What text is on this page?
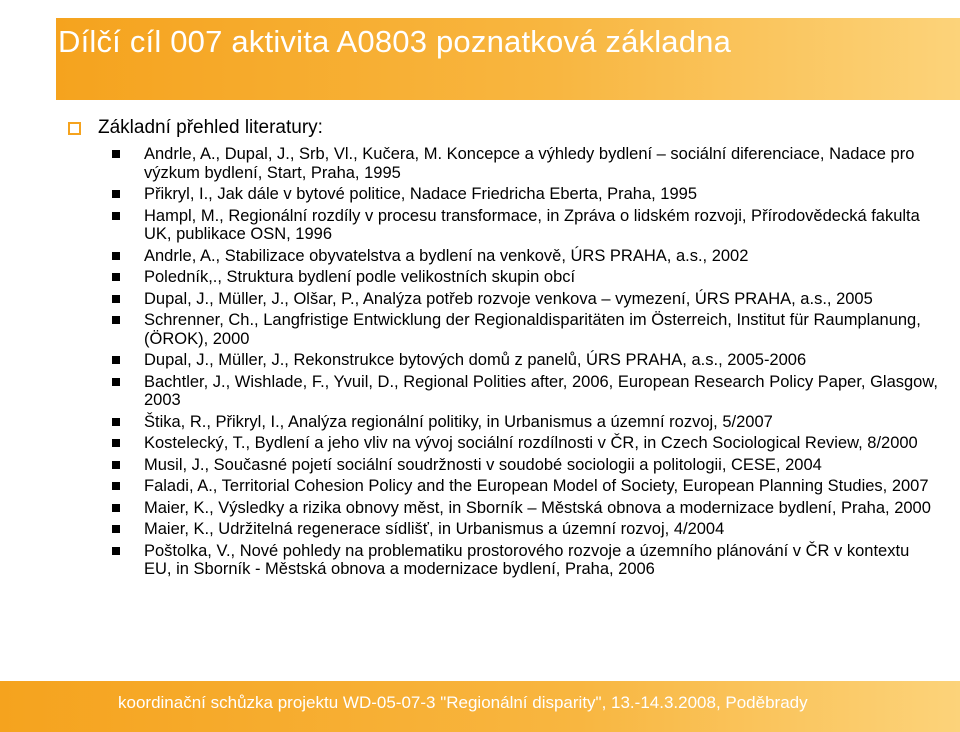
Dílčí cíl 007 aktivita A0803 poznatková základna
Základní přehled literatury:
Andrle, A., Dupal, J., Srb, Vl., Kučera, M. Koncepce a výhledy bydlení – sociální diferenciace, Nadace pro výzkum bydlení, Start, Praha, 1995
Přikryl, I., Jak dále v bytové politice, Nadace Friedricha Eberta, Praha, 1995
Hampl, M., Regionální rozdíly v procesu transformace, in Zpráva o lidském rozvoji, Přírodovědecká fakulta UK, publikace OSN, 1996
Andrle, A., Stabilizace obyvatelstva a bydlení na venkově, ÚRS PRAHA, a.s., 2002
Poledník,., Struktura bydlení podle velikostních skupin obcí
Dupal, J., Müller, J., Olšar, P., Analýza potřeb rozvoje venkova – vymezení, ÚRS PRAHA, a.s., 2005
Schrenner, Ch., Langfristige Entwicklung der Regionaldisparitäten im Österreich, Institut für Raumplanung, (ÖROK), 2000
Dupal, J., Müller, J., Rekonstrukce bytových domů z panelů, ÚRS PRAHA, a.s., 2005-2006
Bachtler, J., Wishlade, F., Yvuil, D., Regional Polities after, 2006, European Research Policy Paper, Glasgow, 2003
Štika, R., Přikryl, I., Analýza regionální politiky, in Urbanismus a územní rozvoj, 5/2007
Kostelecký, T., Bydlení a jeho vliv na vývoj sociální rozdílnosti v ČR, in Czech Sociological Review, 8/2000
Musil, J., Současné pojetí sociální soudržnosti v soudobé sociologii a politologii, CESE, 2004
Faladi, A., Territorial Cohesion Policy and the European Model of Society, European Planning Studies, 2007
Maier, K., Výsledky a rizika obnovy měst, in Sborník – Městská obnova a modernizace bydlení, Praha, 2000
Maier, K., Udržitelná regenerace sídlišť, in Urbanismus a územní rozvoj, 4/2004
Poštolka, V., Nové pohledy na problematiku prostorového rozvoje a územního plánování v ČR v kontextu EU, in Sborník - Městská obnova a modernizace bydlení, Praha, 2006
koordinační schůzka projektu WD-05-07-3 "Regionální disparity", 13.-14.3.2008, Poděbrady
